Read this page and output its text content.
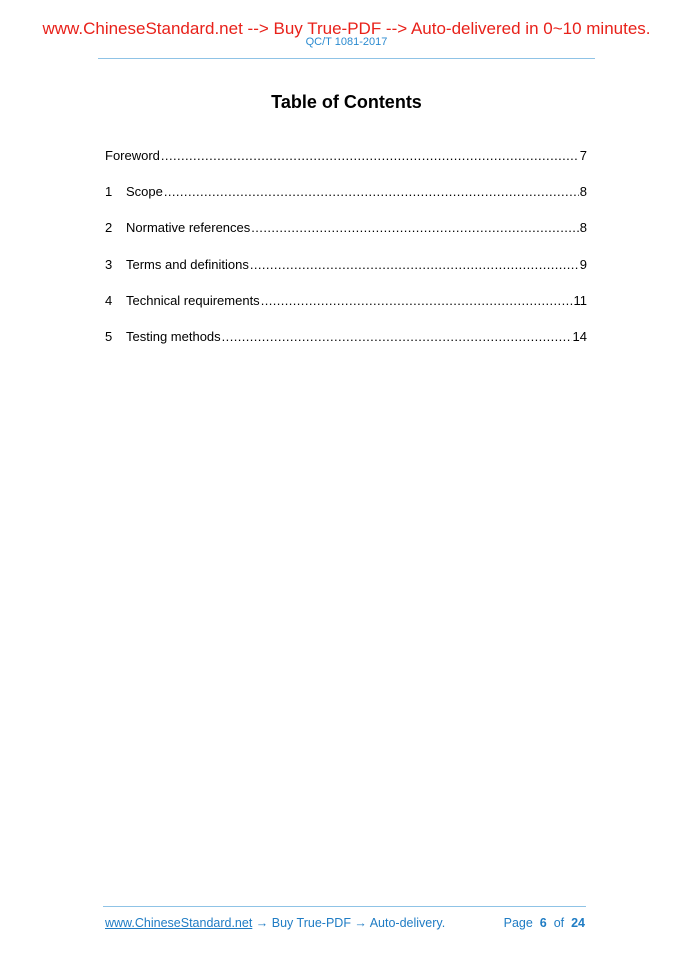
www.ChineseStandard.net --> Buy True-PDF --> Auto-delivered in 0~10 minutes.
QC/T 1081-2017
Table of Contents
Foreword .....	7
1	Scope .....	8
2	Normative references .....	8
3	Terms and definitions .....	9
4	Technical requirements .....	11
5	Testing methods .....	14
www.ChineseStandard.net → Buy True-PDF → Auto-delivery.	Page 6 of 24
